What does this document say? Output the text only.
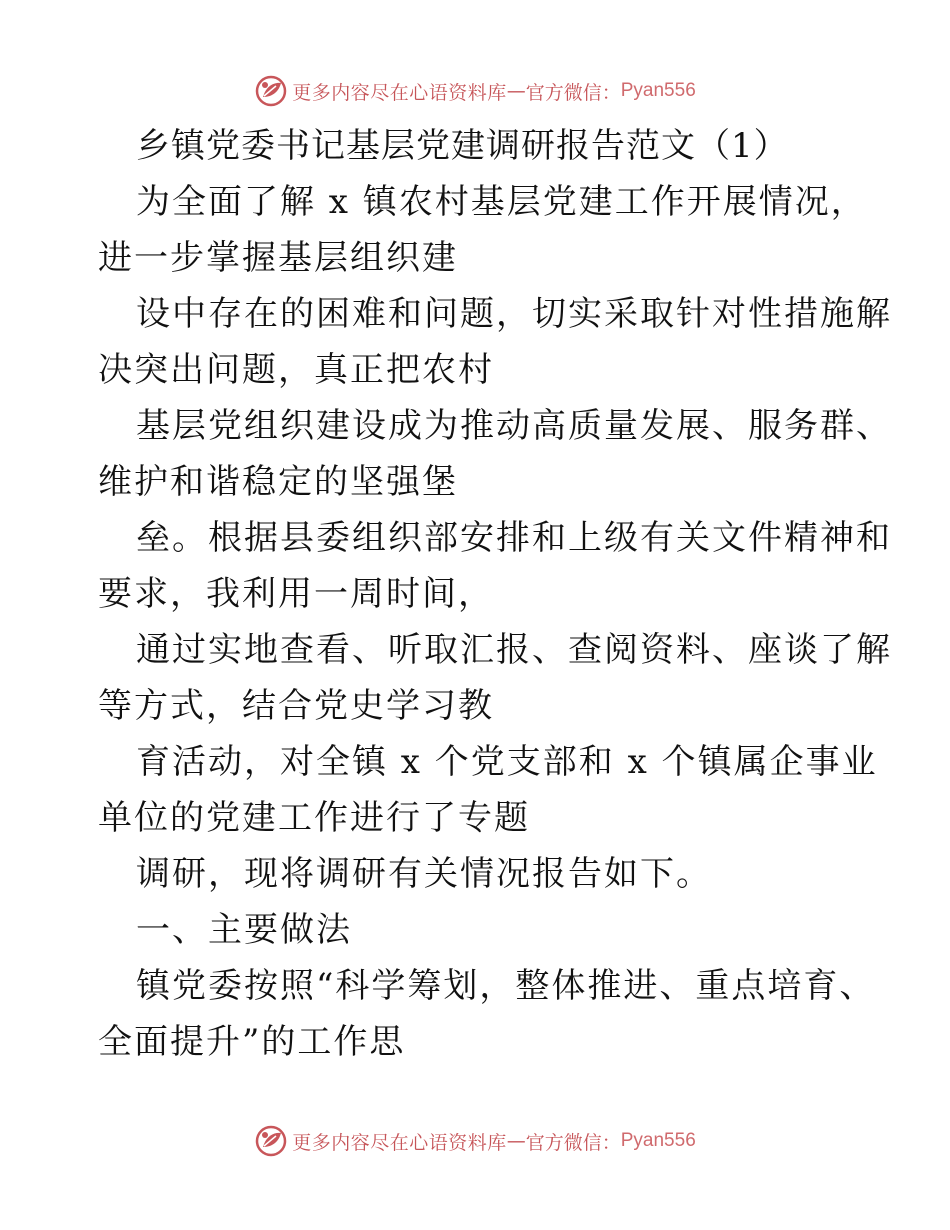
更多内容尽在心语资料库 — 官方微信： Pyan556
乡镇党委书记基层党建调研报告范文（1）
为全面了解 x 镇农村基层党建工作开展情况，
进一步掌握基层组织建
设中存在的困难和问题，切实采取针对性措施解
决突出问题，真正把农村
基层党组织建设成为推动高质量发展、服务群、
维护和谐稳定的坚强堡
垒。根据县委组织部安排和上级有关文件精神和
要求，我利用一周时间，
通过实地查看、听取汇报、查阅资料、座谈了解
等方式，结合党史学习教
育活动，对全镇 x 个党支部和 x 个镇属企事业
单位的党建工作进行了专题
调研，现将调研有关情况报告如下。
一、主要做法
镇党委按照“科学筹划，整体推进、重点培育、
全面提升”的工作思
更多内容尽在心语资料库 — 官方微信： Pyan556
